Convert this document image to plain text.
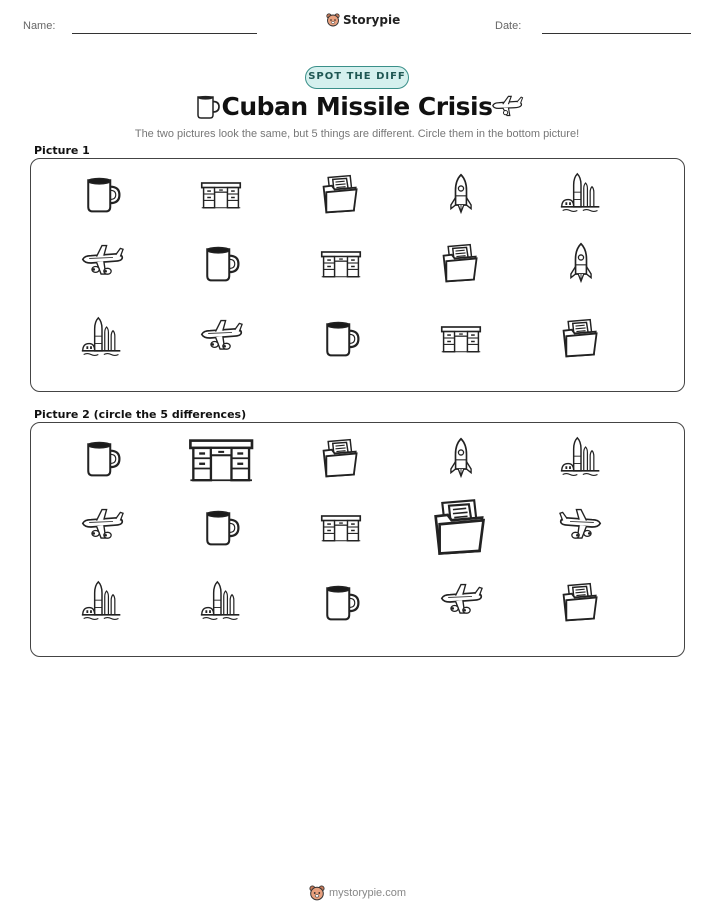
Name:	Storypie	Date:
SPOT THE DIFF
Cuban Missile Crisis
The two pictures look the same, but 5 things are different. Circle them in the bottom picture!
Picture 1
Picture 2 (circle the 5 differences)
mystorypie.com
